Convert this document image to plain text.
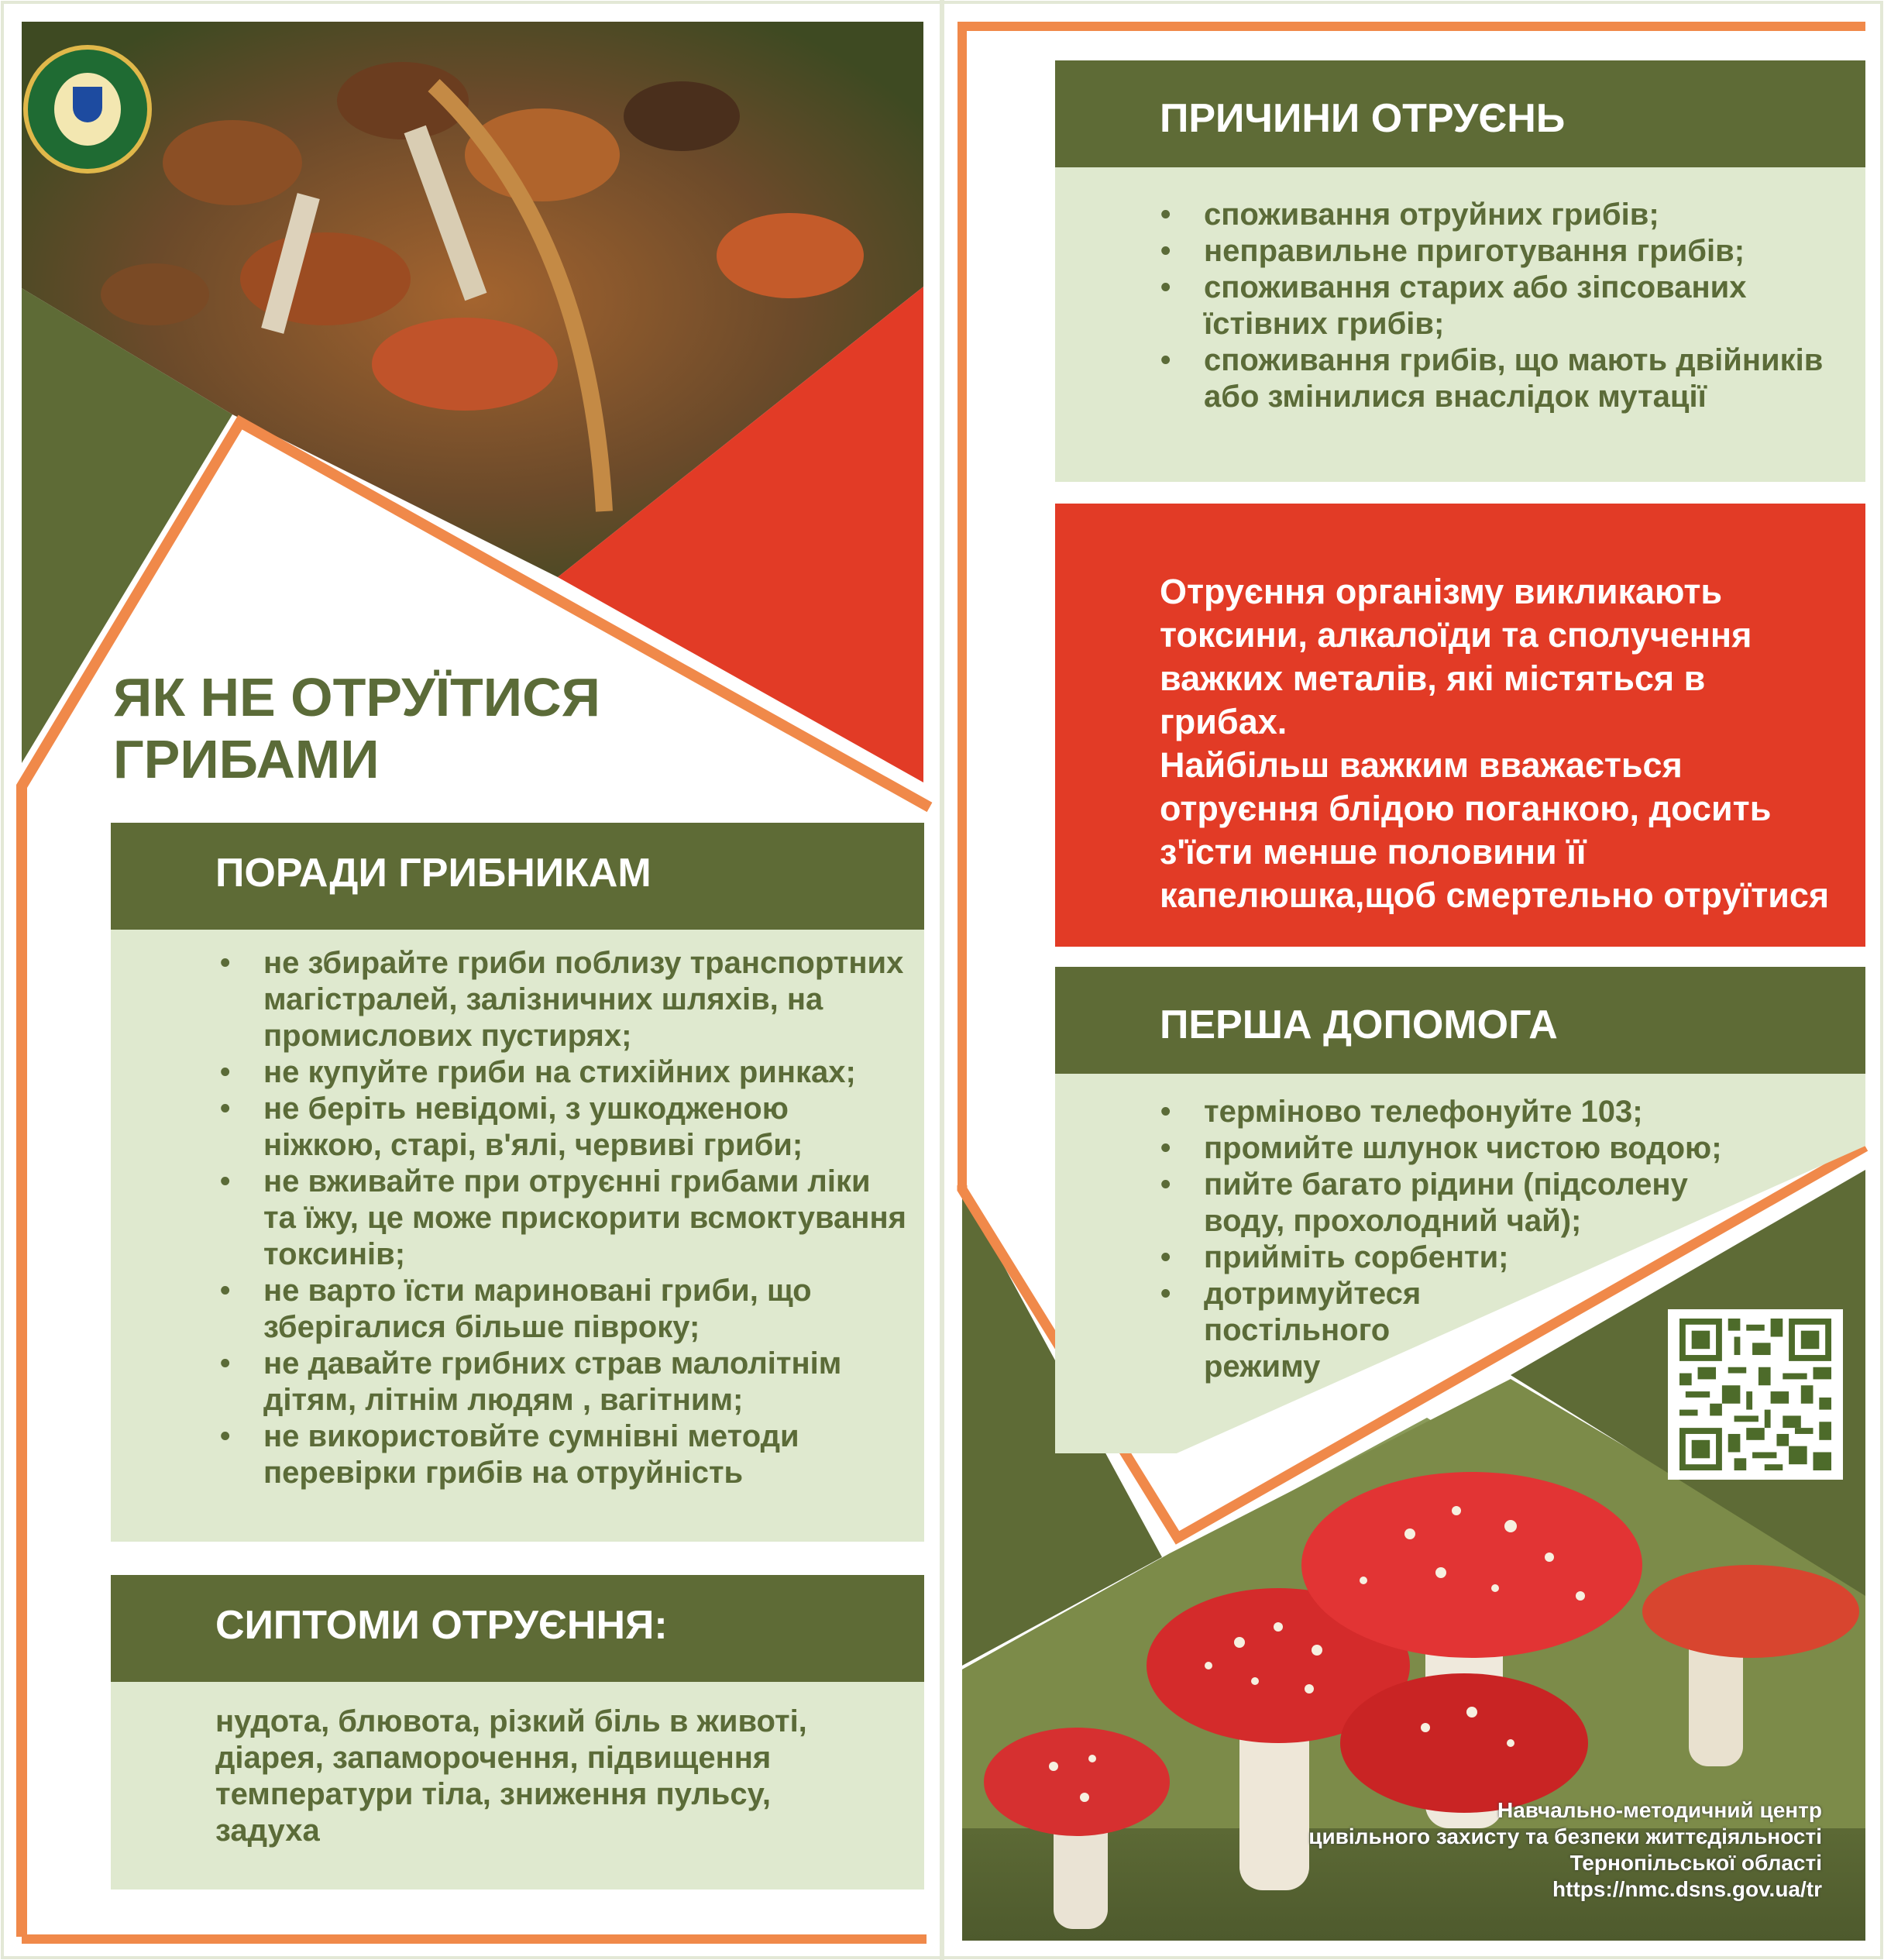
ЯК НЕ ОТРУЇТИСЯ
ГРИБАМИ
ПОРАДИ ГРИБНИКАМ
• не збирайте гриби поблизу транспортних магістралей, залізничних шляхів, на промислових пустирях;
• не купуйте гриби на стихійних ринках;
• не беріть невідомі, з ушкодженою ніжкою, старі, в'ялі, червиві гриби;
• не вживайте при отруєнні грибами ліки та їжу, це може прискорити всмоктування токсинів;
• не варто їсти мариновані гриби, що зберігалися більше півроку;
• не давайте грибних страв малолітнім дітям, літнім людям , вагітним;
• не використовйте сумнівні методи перевірки грибів на отруйність
СИПТОМИ ОТРУЄННЯ:
нудота, блювота, різкий біль в животі, діарея, запаморочення, підвищення температури тіла, зниження пульсу, задуха
ПРИЧИНИ ОТРУЄНЬ
• споживання отруйних грибів;
• неправильне приготування грибів;
• споживання старих або зіпсованих їстівних грибів;
• споживання грибів, що мають двійників або змінилися внаслідок мутації

Отруєння організму викликають токсини, алкалоїди та сполучення важких металів, які містяться в грибах.
Найбільш важким вважається отруєння блідою поганкою, досить з'їсти менше половини її капелюшка,щоб смертельно отруїтися

ПЕРША ДОПОМОГА
• терміново телефонуйте 103;
• промийте шлунок чистою водою;
• пийте багато рідини (підсолену воду, прохолодний чай);
• прийміть сорбенти;
• дотримуйтеся постільного режиму
Навчально-методичний центр
цивільного захисту та безпеки життєдіяльності
Тернопільської області
https://nmc.dsns.gov.ua/tr
